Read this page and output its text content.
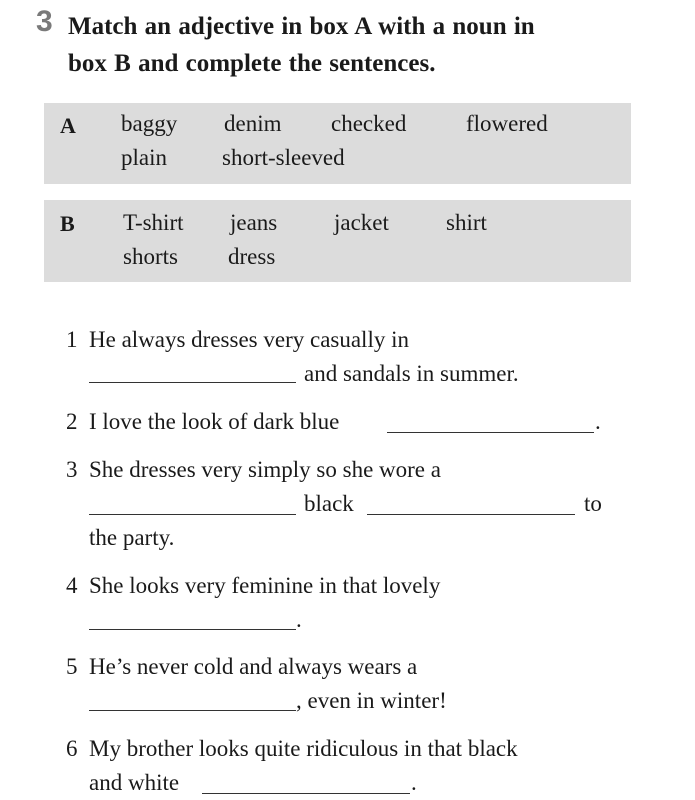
3 Match an adjective in box A with a noun in
box B and complete the sentences.
A baggy denim checked	flowered
plain short-sleeved
B T-shirt jeans jacket shirt
shorts dress
1 He always dresses very casually in
and sandals in summer.
2 I love the look of dark blue	.
3 She dresses very simply so she wore a
black	to
the party.
4 She looks very feminine in that lovely
.
5 He’s never cold and always wears a
, even in winter!
6 My brother looks quite ridiculous in that black
and white	.
